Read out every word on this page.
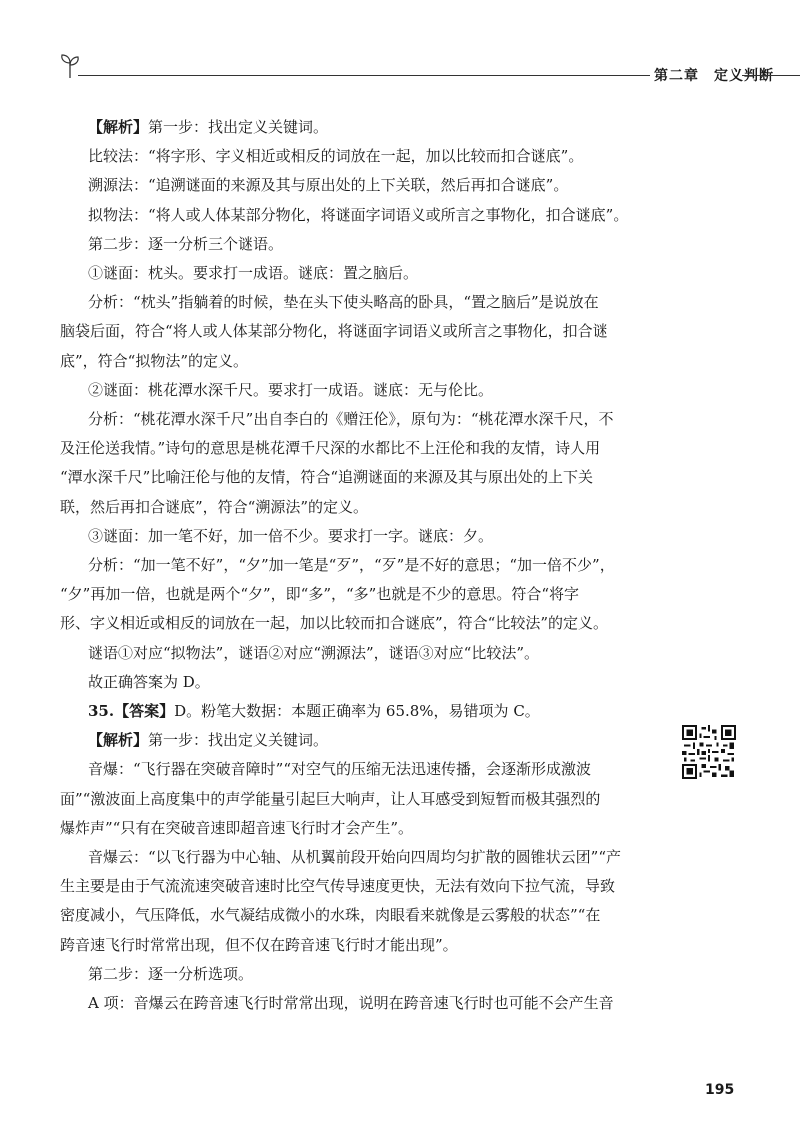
第二章　定义判断

【解析】第一步：找出定义关键词。

比较法：“将字形、字义相近或相反的词放在一起，加以比较而扣合谜底”。

溯源法：“追溯谜面的来源及其与原出处的上下关联，然后再扣合谜底”。

拟物法：“将人或人体某部分物化，将谜面字词语义或所言之事物化，扣合谜底”。

第二步：逐一分析三个谜语。

①谜面：枕头。要求打一成语。谜底：置之脑后。

分析：“枕头”指躺着的时候，垫在头下使头略高的卧具，“置之脑后”是说放在

脑袋后面，符合“将人或人体某部分物化，将谜面字词语义或所言之事物化，扣合谜

底”，符合“拟物法”的定义。

②谜面：桃花潭水深千尺。要求打一成语。谜底：无与伦比。

分析：“桃花潭水深千尺”出自李白的《赠汪伦》，原句为：“桃花潭水深千尺，不

及汪伦送我情。”诗句的意思是桃花潭千尺深的水都比不上汪伦和我的友情，诗人用

“潭水深千尺”比喻汪伦与他的友情，符合“追溯谜面的来源及其与原出处的上下关

联，然后再扣合谜底”，符合“溯源法”的定义。

③谜面：加一笔不好，加一倍不少。要求打一字。谜底：夕。

分析：“加一笔不好”，“夕”加一笔是“歹”，“歹”是不好的意思；“加一倍不少”，

“夕”再加一倍，也就是两个“夕”，即“多”，“多”也就是不少的意思。符合“将字

形、字义相近或相反的词放在一起，加以比较而扣合谜底”，符合“比较法”的定义。

谜语①对应“拟物法”，谜语②对应“溯源法”，谜语③对应“比较法”。

故正确答案为 D。

35.【答案】D。粉笔大数据：本题正确率为 65.8%，易错项为 C。

【解析】第一步：找出定义关键词。

音爆：“飞行器在突破音障时”“对空气的压缩无法迅速传播，会逐渐形成激波

面”“激波面上高度集中的声学能量引起巨大响声，让人耳感受到短暂而极其强烈的

爆炸声”“只有在突破音速即超音速飞行时才会产生”。

音爆云：“以飞行器为中心轴、从机翼前段开始向四周均匀扩散的圆锥状云团”“产

生主要是由于气流流速突破音速时比空气传导速度更快，无法有效向下拉气流，导致

密度减小，气压降低，水气凝结成微小的水珠，肉眼看来就像是云雾般的状态”“在

跨音速飞行时常常出现，但不仅在跨音速飞行时才能出现”。

第二步：逐一分析选项。

A 项：音爆云在跨音速飞行时常常出现，说明在跨音速飞行时也可能不会产生音

195
